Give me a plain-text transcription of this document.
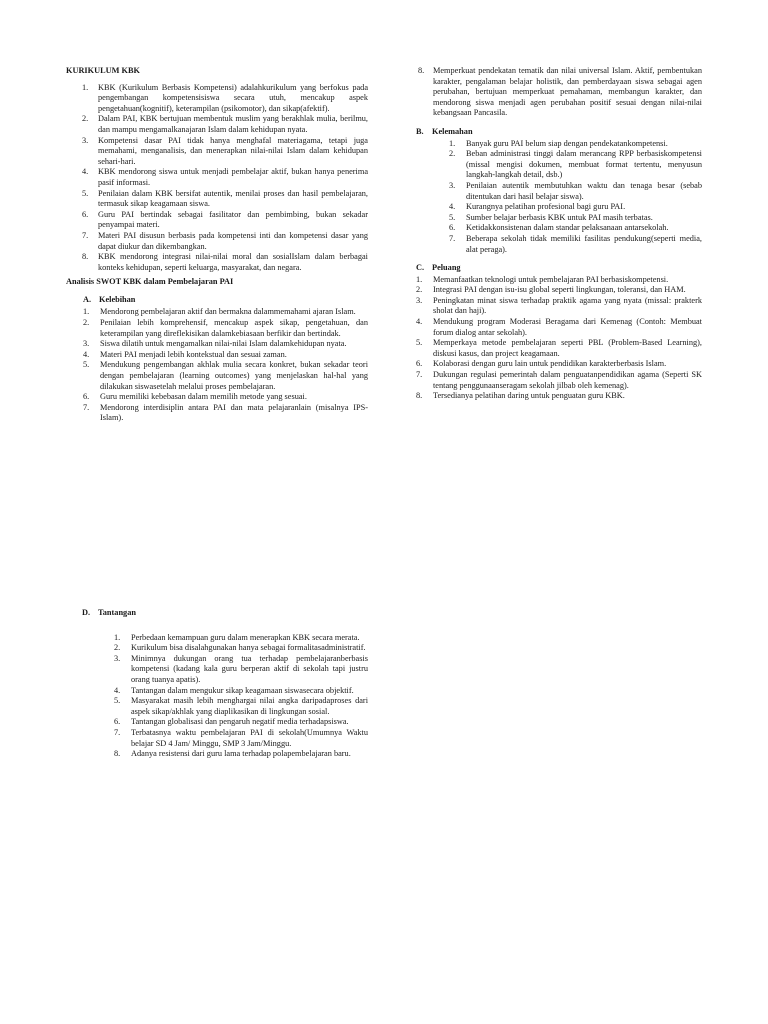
KURIKULUM KBK

1. KBK (Kurikulum Berbasis Kompetensi) adalahkurikulum yang berfokus pada pengembangan kompetensisiswa secara utuh, mencakup aspek pengetahuan(kognitif), keterampilan (psikomotor), dan sikap(afektif).
2. Dalam PAI, KBK bertujuan membentuk muslim yang berakhlak mulia, berilmu, dan mampu mengamalkanajaran Islam dalam kehidupan nyata.
3. Kompetensi dasar PAI tidak hanya menghafal materiagama, tetapi juga memahami, menganalisis, dan menerapkan nilai-nilai Islam dalam kehidupan sehari-hari.
4. KBK mendorong siswa untuk menjadi pembelajar aktif, bukan hanya penerima pasif informasi.
5. Penilaian dalam KBK bersifat autentik, menilai proses dan hasil pembelajaran, termasuk sikap keagamaan siswa.
6. Guru PAI bertindak sebagai fasilitator dan pembimbing, bukan sekadar penyampai materi.
7. Materi PAI disusun berbasis pada kompetensi inti dan kompetensi dasar yang dapat diukur dan dikembangkan.
8. KBK mendorong integrasi nilai-nilai moral dan sosialIslam dalam berbagai konteks kehidupan, seperti keluarga, masyarakat, dan negara.

Analisis SWOT KBK dalam Pembelajaran PAI

A. Kelebihan

1. Mendorong pembelajaran aktif dan bermakna dalammemahami ajaran Islam.
2. Penilaian lebih komprehensif, mencakup aspek sikap, pengetahuan, dan keterampilan yang direflekisikan dalamkebiasaan berfikir dan bertindak.
3. Siswa dilatih untuk mengamalkan nilai-nilai Islam dalamkehidupan nyata.
4. Materi PAI menjadi lebih kontekstual dan sesuai zaman.
5. Mendukung pengembangan akhlak mulia secara konkret, bukan sekadar teori dengan pembelajaran (learning outcomes) yang menjelaskan hal-hal yang dilakukan siswasetelah melalui proses pembelajaran.
6. Guru memiliki kebebasan dalam memilih metode yang sesuai.
7. Mendorong interdisiplin antara PAI dan mata pelajaranlain (misalnya IPS-Islam).
8. Memperkuat pendekatan tematik dan nilai universal Islam. Aktif, pembentukan karakter, pengalaman belajar holistik, dan pemberdayaan siswa sebagai agen perubahan, bertujuan memperkuat pemahaman, membangun karakter, dan mendorong siswa menjadi agen perubahan positif sesuai dengan nilai-nilai kebangsaan Pancasila.

B. Kelemahan

1. Banyak guru PAI belum siap dengan pendekatankompetensi.
2. Beban administrasi tinggi dalam merancang RPP berbasiskompetensi (missal mengisi dokumen, membuat format tertentu, menyusun langkah-langkah detail, dsb.)
3. Penilaian autentik membutuhkan waktu dan tenaga besar (sebab ditentukan dari hasil belajar siswa).
4. Kurangnya pelatihan profesional bagi guru PAI.
5. Sumber belajar berbasis KBK untuk PAI masih terbatas.
6. Ketidakkonsistenan dalam standar pelaksanaan antarsekolah.
7. Beberapa sekolah tidak memiliki fasilitas pendukung(seperti media, alat peraga).

C. Peluang

1. Memanfaatkan teknologi untuk pembelajaran PAI berbasiskompetensi.
2. Integrasi PAI dengan isu-isu global seperti lingkungan, toleransi, dan HAM.
3. Peningkatan minat siswa terhadap praktik agama yang nyata (missal: prakterk sholat dan haji).
4. Mendukung program Moderasi Beragama dari Kemenag (Contoh: Membuat forum dialog antar sekolah).
5. Memperkaya metode pembelajaran seperti PBL (Problem-Based Learning), diskusi kasus, dan project keagamaan.
6. Kolaborasi dengan guru lain untuk pendidikan karakterberbasis Islam.
7. Dukungan regulasi pemerintah dalam penguatanpendidikan agama (Seperti SK tentang penggunaanseragam sekolah jilbab oleh kemenag).
8. Tersedianya pelatihan daring untuk penguatan guru KBK.

D. Tantangan

1. Perbedaan kemampuan guru dalam menerapkan KBK secara merata.
2. Kurikulum bisa disalahgunakan hanya sebagai formalitasadministratif.
3. Minimnya dukungan orang tua terhadap pembelajaranberbasis kompetensi (kadang kala guru berperan aktif di sekolah tapi justru orang tuanya apatis).
4. Tantangan dalam mengukur sikap keagamaan siswasecara objektif.
5. Masyarakat masih lebih menghargai nilai angka daripadaproses dari aspek sikap/akhlak yang diaplikasikan di lingkungan sosial.
6. Tantangan globalisasi dan pengaruh negatif media terhadapsiswa.
7. Terbatasnya waktu pembelajaran PAI di sekolah(Umumnya Waktu belajar SD 4 Jam/ Minggu, SMP 3 Jam/Minggu.
8. Adanya resistensi dari guru lama terhadap polapembelajaran baru.
